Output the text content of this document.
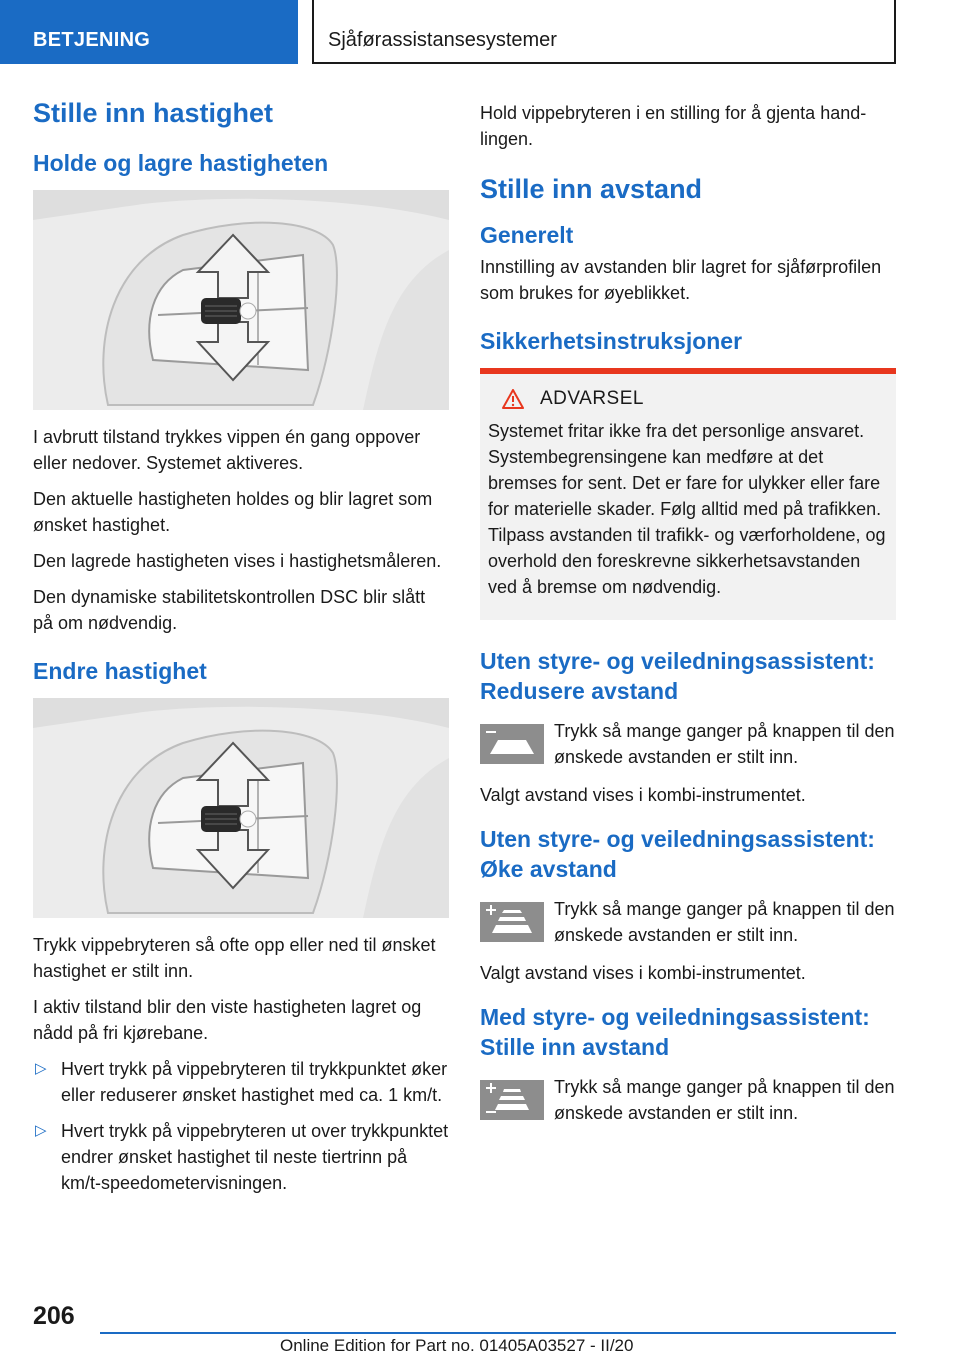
BETJENING	Sjåførassistansesystemer
Stille inn hastighet
Holde og lagre hastigheten

I avbrutt tilstand trykkes vippen én gang oppover eller nedover. Systemet aktiveres.

Den aktuelle hastigheten holdes og blir lagret som ønsket hastighet.

Den lagrede hastigheten vises i hastighetsmåleren.

Den dynamiske stabilitetskontrollen DSC blir slått på om nødvendig.

Endre hastighet

Trykk vippebryteren så ofte opp eller ned til ønsket hastighet er stilt inn.

I aktiv tilstand blir den viste hastigheten lagret og nådd på fri kjørebane.

▷ Hvert trykk på vippebryteren til trykkpunktet øker eller reduserer ønsket hastighet med ca. 1 km/t.
▷ Hvert trykk på vippebryteren ut over trykkpunktet endrer ønsket hastighet til neste tiertrinn på km/t-speedometervisningen.

Hold vippebryteren i en stilling for å gjenta handlingen.

Stille inn avstand
Generelt

Innstilling av avstanden blir lagret for sjåførprofilen som brukes for øyeblikket.

Sikkerhetsinstruksjoner
ADVARSEL

Systemet fritar ikke fra det personlige ansvaret. Systembegrensingene kan medføre at det bremses for sent. Det er fare for ulykker eller fare for materielle skader. Følg alltid med på trafikken. Tilpass avstanden til trafikk- og værforholdene, og overhold den foreskrevne sikkerhetsavstanden ved å bremse om nødvendig.

Uten styre- og veiledningsassistent: Redusere avstand

Trykk så mange ganger på knappen til den ønskede avstanden er stilt inn.

Valgt avstand vises i kombi-instrumentet.

Uten styre- og veiledningsassistent: Øke avstand

Trykk så mange ganger på knappen til den ønskede avstanden er stilt inn.

Valgt avstand vises i kombi-instrumentet.

Med styre- og veiledningsassistent: Stille inn avstand

Trykk så mange ganger på knappen til den ønskede avstanden er stilt inn.

206
Online Edition for Part no. 01405A03527 - II/20
